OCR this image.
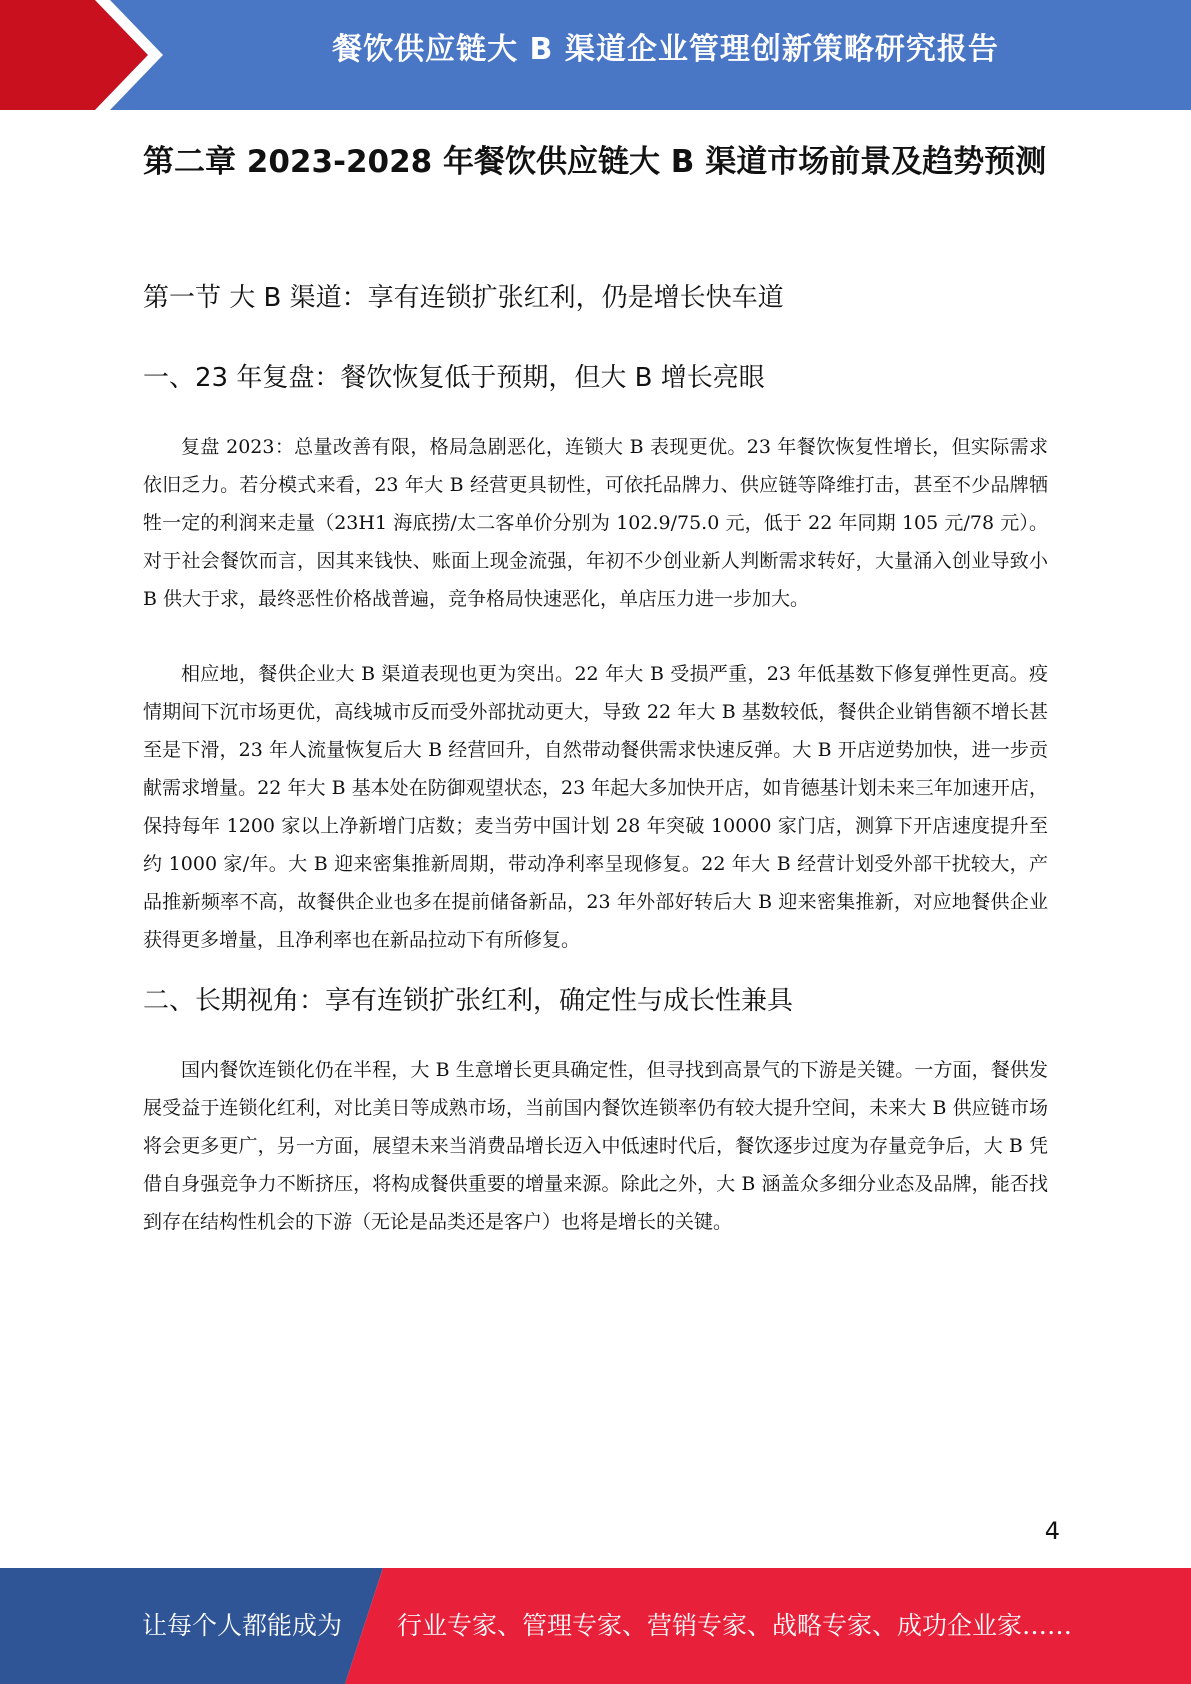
餐饮供应链大 B 渠道企业管理创新策略研究报告
第二章 2023-2028 年餐饮供应链大 B 渠道市场前景及趋势预测
第一节 大 B 渠道：享有连锁扩张红利，仍是增长快车道
一、23 年复盘：餐饮恢复低于预期，但大 B 增长亮眼

复盘 2023：总量改善有限，格局急剧恶化，连锁大 B 表现更优。23 年餐饮恢复性增长，但实际需求依旧乏力。若分模式来看，23 年大 B 经营更具韧性，可依托品牌力、供应链等降维打击，甚至不少品牌牺牲一定的利润来走量（23H1 海底捞/太二客单价分别为 102.9/75.0 元，低于 22 年同期 105 元/78 元）。对于社会餐饮而言，因其来钱快、账面上现金流强，年初不少创业新人判断需求转好，大量涌入创业导致小 B 供大于求，最终恶性价格战普遍，竞争格局快速恶化，单店压力进一步加大。

相应地，餐供企业大 B 渠道表现也更为突出。22 年大 B 受损严重，23 年低基数下修复弹性更高。疫情期间下沉市场更优，高线城市反而受外部扰动更大，导致 22 年大 B 基数较低，餐供企业销售额不增长甚至是下滑，23 年人流量恢复后大 B 经营回升，自然带动餐供需求快速反弹。大 B 开店逆势加快，进一步贡献需求增量。22 年大 B 基本处在防御观望状态，23 年起大多加快开店，如肯德基计划未来三年加速开店，保持每年 1200 家以上净新增门店数；麦当劳中国计划 28 年突破 10000 家门店，测算下开店速度提升至约 1000 家/年。大 B 迎来密集推新周期，带动净利率呈现修复。22 年大 B 经营计划受外部干扰较大，产品推新频率不高，故餐供企业也多在提前储备新品，23 年外部好转后大 B 迎来密集推新，对应地餐供企业获得更多增量，且净利率也在新品拉动下有所修复。

二、长期视角：享有连锁扩张红利，确定性与成长性兼具

国内餐饮连锁化仍在半程，大 B 生意增长更具确定性，但寻找到高景气的下游是关键。一方面，餐供发展受益于连锁化红利，对比美日等成熟市场，当前国内餐饮连锁率仍有较大提升空间，未来大 B 供应链市场将会更多更广，另一方面，展望未来当消费品增长迈入中低速时代后，餐饮逐步过度为存量竞争后，大 B 凭借自身强竞争力不断挤压，将构成餐供重要的增量来源。除此之外，大 B 涵盖众多细分业态及品牌，能否找到存在结构性机会的下游（无论是品类还是客户）也将是增长的关键。

4
让每个人都能成为 行业专家、管理专家、营销专家、战略专家、成功企业家……
